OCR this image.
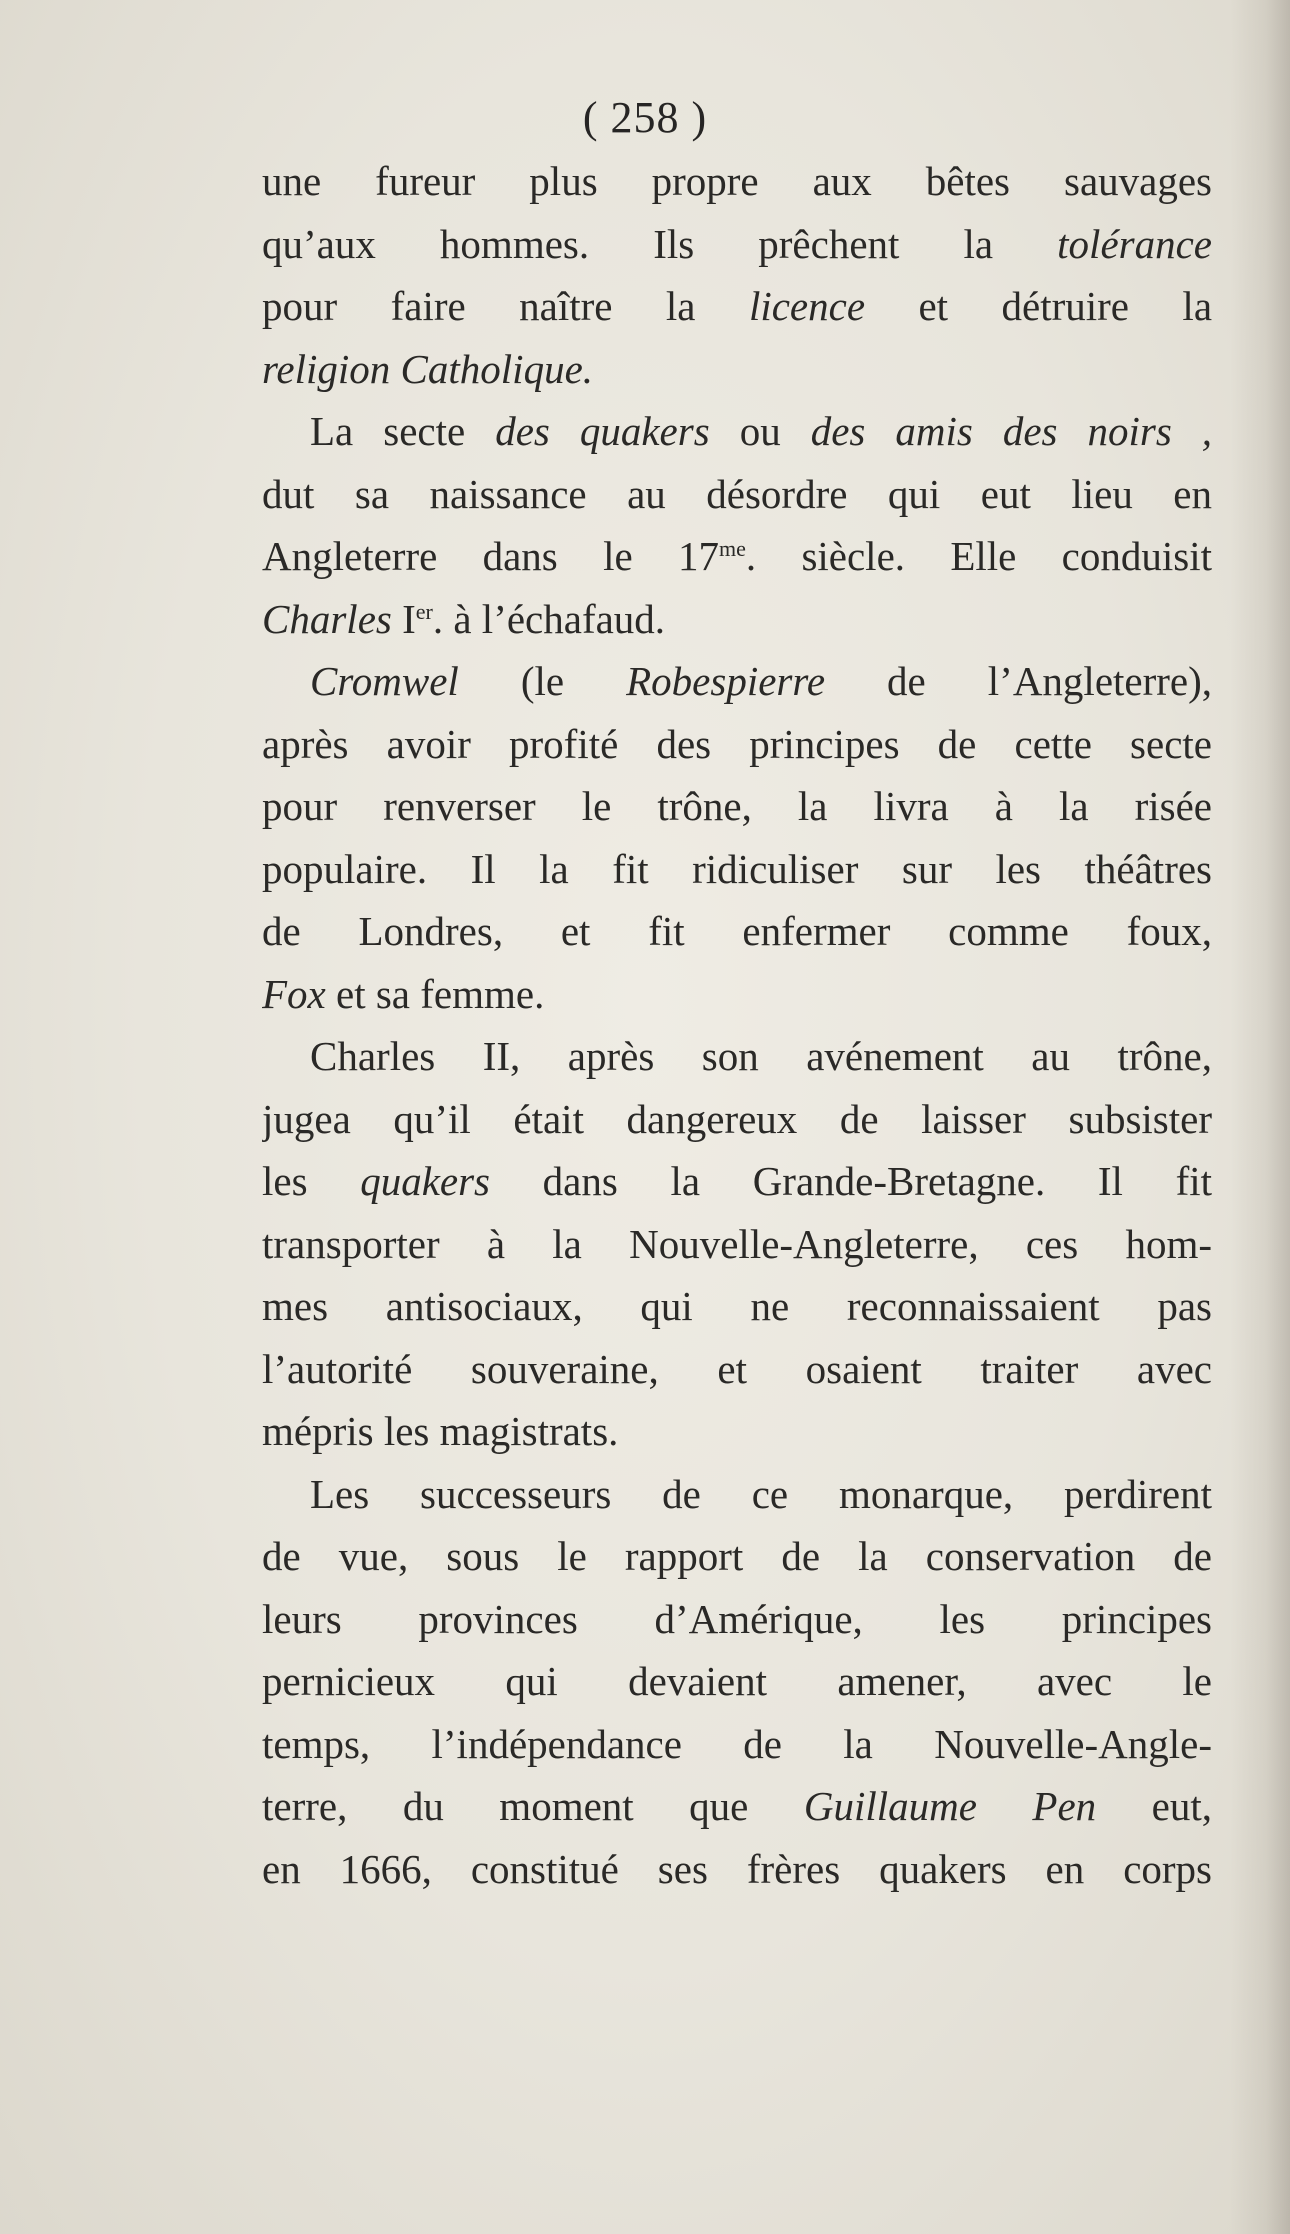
( 258 )
une fureur plus propre aux bêtes sauvages
qu’aux hommes. Ils prêchent la tolérance
pour faire naître la licence et détruire la
religion Catholique.
La secte des quakers ou des amis des noirs ,
dut sa naissance au désordre qui eut lieu en
Angleterre dans le $17^{me}$. siècle. Elle conduisit
Charles Ier. à l’échafaud.
Cromwel (le Robespierre de l’Angleterre),
après avoir profité des principes de cette secte
pour renverser le trône, la livra à la risée
populaire. Il la fit ridiculiser sur les théâtres
de Londres, et fit enfermer comme foux,
Fox et sa femme.
Charles II, après son avénement au trône,
jugea qu’il était dangereux de laisser subsister
les quakers dans la Grande-Bretagne. Il fit
transporter à la Nouvelle-Angleterre, ces hom-
mes antisociaux, qui ne reconnaissaient pas
l’autorité souveraine, et osaient traiter avec
mépris les magistrats.
Les successeurs de ce monarque, perdirent
de vue, sous le rapport de la conservation de
leurs provinces d’Amérique, les principes
pernicieux qui devaient amener, avec le
temps, l’indépendance de la Nouvelle-Angle-
terre, du moment que Guillaume Pen eut,
en 1666, constitué ses frères quakers en corps
